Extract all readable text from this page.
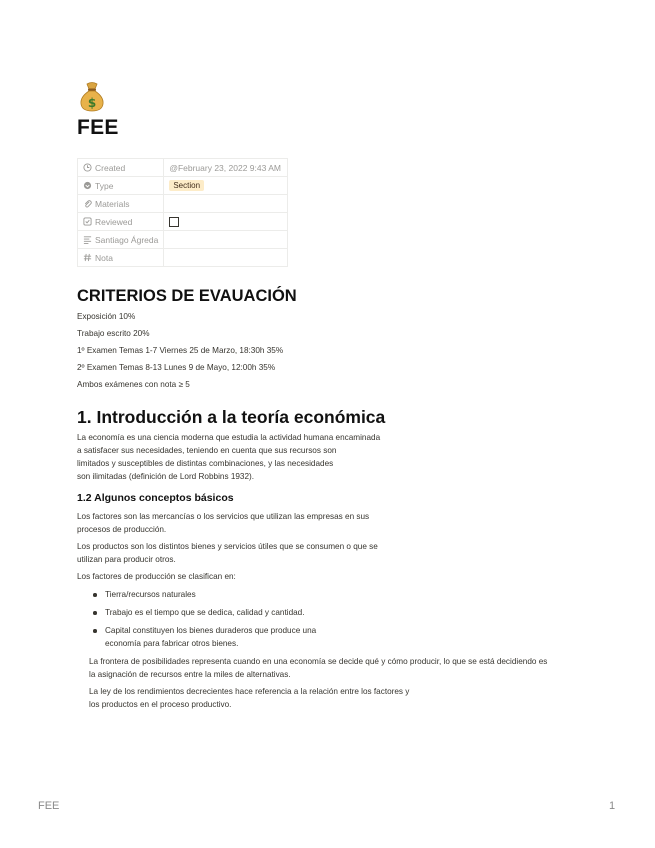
$
FEE
Created	@February 23, 2022 9:43 AM
Type	Section
Materials	
Reviewed	
Santiago Ágreda	
Nota	
CRITERIOS DE EVAUACIÓN

Exposición 10%

Trabajo escrito 20%

1º Examen Temas 1-7 Viernes 25 de Marzo, 18:30h 35%

2º Examen Temas 8-13 Lunes 9 de Mayo, 12:00h 35%

Ambos exámenes con nota ≥ 5

1. Introducción a la teoría económica

La economía es una ciencia moderna que estudia la actividad humana encaminada

a satisfacer sus necesidades, teniendo en cuenta que sus recursos son

limitados y susceptibles de distintas combinaciones, y las necesidades

son ilimitadas (definición de Lord Robbins 1932).

1.2 Algunos conceptos básicos

Los factores son las mercancías o los servicios que utilizan las empresas en sus

procesos de producción.

Los productos son los distintos bienes y servicios útiles que se consumen o que se

utilizan para producir otros.

Los factores de producción se clasifican en:

Tierra/recursos naturales

Trabajo es el tiempo que se dedica, calidad y cantidad.

Capital constituyen los bienes duraderos que produce una

economía para fabricar otros bienes.

La frontera de posibilidades representa cuando en una economía se decide qué y cómo producir, lo que se está decidiendo es

la asignación de recursos entre la miles de alternativas.

La ley de los rendimientos decrecientes hace referencia a la relación entre los factores y

los productos en el proceso productivo.

FEE	1
